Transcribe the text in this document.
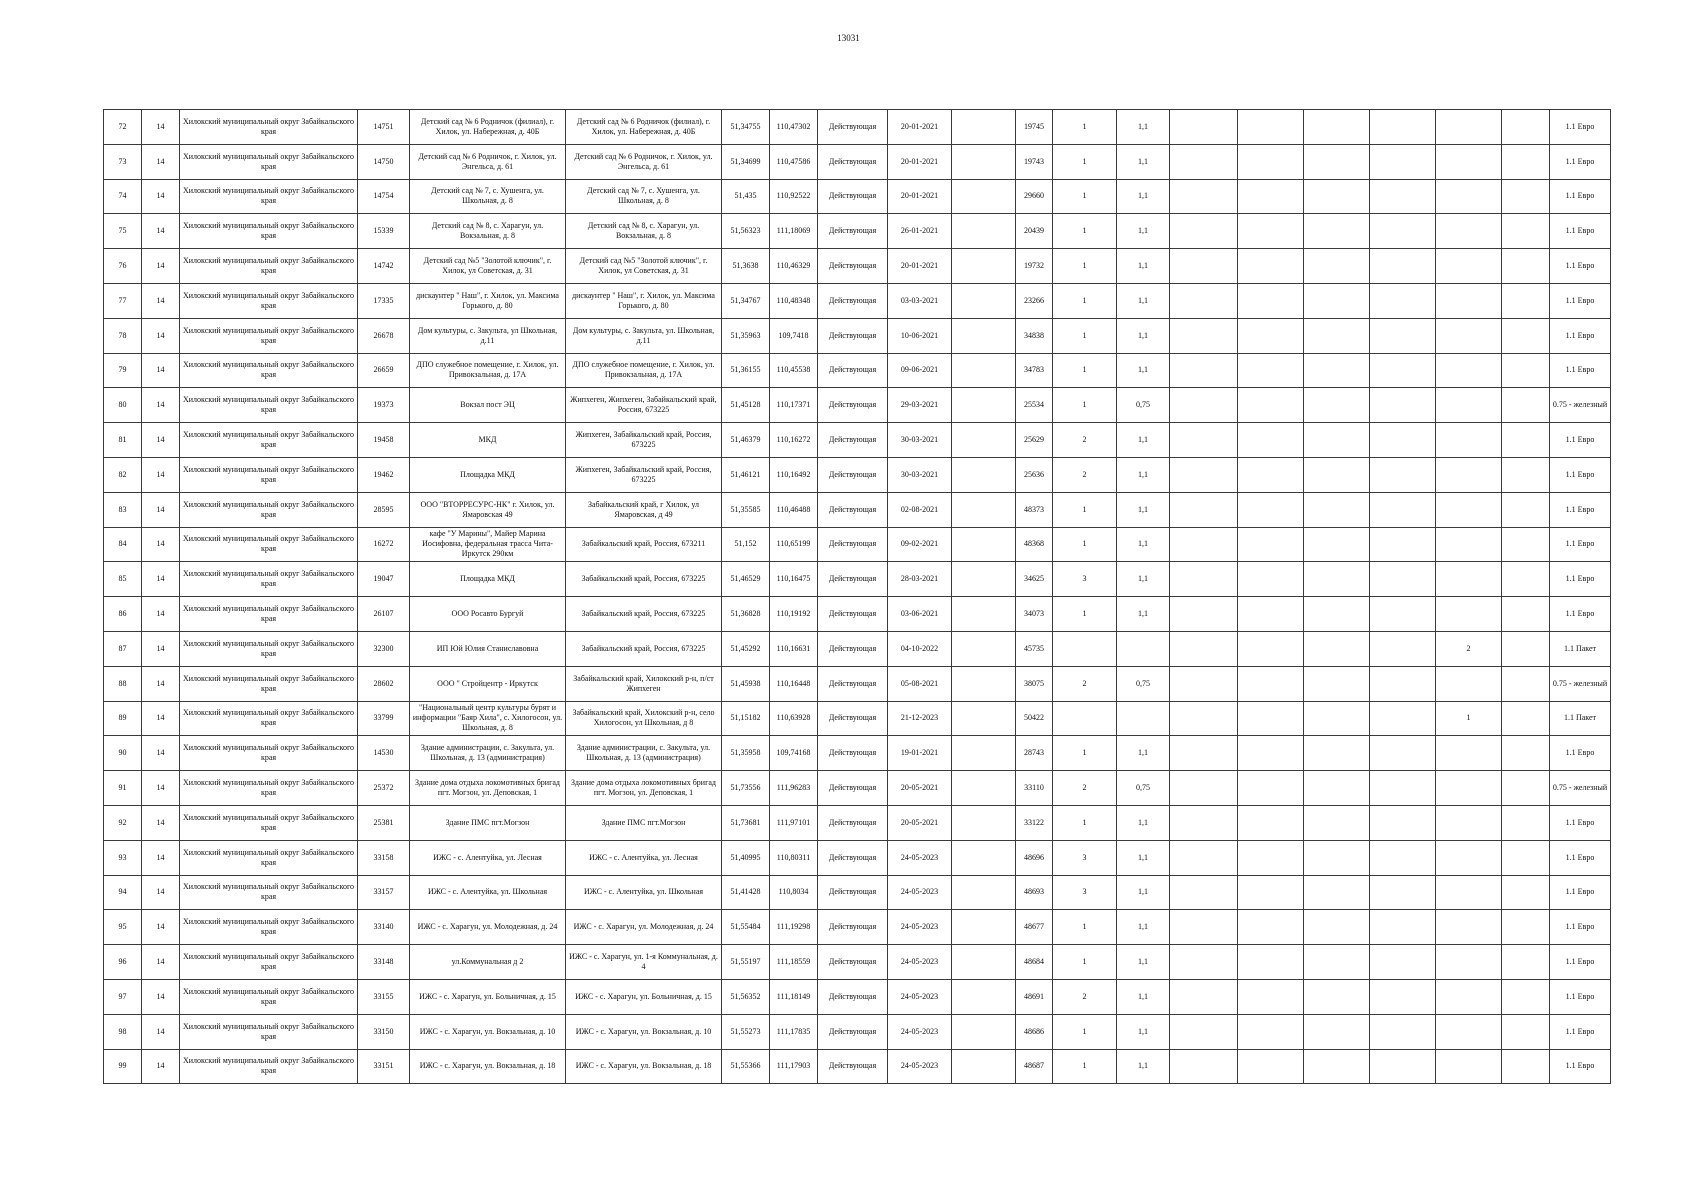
13031
72	14	Хилокский муниципальный округ Забайкальского края	14751	Детский сад № 6 Родничок (филиал), г. Хилок, ул. Набережная, д. 40Б	Детский сад № 6 Родничок (филиал), г. Хилок, ул. Набережная, д. 40Б	51,34755	110,47302	Действующая	20-01-2021		19745	1	1,1							1.1 Евро
73	14	Хилокский муниципальный округ Забайкальского края	14750	Детский сад № 6 Родничок, г. Хилок, ул. Энгельса, д. 61	Детский сад № 6 Родничок, г. Хилок, ул. Энгельса, д. 61	51,34699	110,47586	Действующая	20-01-2021		19743	1	1,1							1.1 Евро
74	14	Хилокский муниципальный округ Забайкальского края	14754	Детский сад № 7, с. Хушенга, ул. Школьная, д. 8	Детский сад № 7, с. Хушенга, ул. Школьная, д. 8	51,435	110,92522	Действующая	20-01-2021		29660	1	1,1							1.1 Евро
75	14	Хилокский муниципальный округ Забайкальского края	15339	Детский сад № 8, с. Харагун, ул. Вокзальная, д. 8	Детский сад № 8, с. Харагун, ул. Вокзальная, д. 8	51,56323	111,18069	Действующая	26-01-2021		20439	1	1,1							1.1 Евро
76	14	Хилокский муниципальный округ Забайкальского края	14742	Детский сад №5 "Золотой ключик", г. Хилок, ул Советская, д. 31	Детский сад №5 "Золотой ключик", г. Хилок, ул Советская, д. 31	51,3638	110,46329	Действующая	20-01-2021		19732	1	1,1							1.1 Евро
77	14	Хилокский муниципальный округ Забайкальского края	17335	дискаунтер " Наш", г. Хилок, ул. Максима Горького, д. 80	дискаунтер " Наш", г. Хилок, ул. Максима Горького, д. 80	51,34767	110,48348	Действующая	03-03-2021		23266	1	1,1							1.1 Евро
78	14	Хилокский муниципальный округ Забайкальского края	26678	Дом культуры, с. Закульта, ул Школьная, д.11	Дом культуры, с. Закульта, ул. Школьная, д.11	51,35963	109,7418	Действующая	10-06-2021		34838	1	1,1							1.1 Евро
79	14	Хилокский муниципальный округ Забайкальского края	26659	ДПО служебное помещение, г. Хилок, ул. Привокзальная, д. 17А	ДПО служебное помещение, г. Хилок, ул. Привокзальная, д. 17А	51,36155	110,45538	Действующая	09-06-2021		34783	1	1,1							1.1 Евро
80	14	Хилокский муниципальный округ Забайкальского края	19373	Вокзал пост ЭЦ	Жипхеген, Жипхеген, Забайкальский край, Россия, 673225	51,45128	110,17371	Действующая	29-03-2021		25534	1	0,75							0.75 - железный
81	14	Хилокский муниципальный округ Забайкальского края	19458	МКД	Жипхеген, Забайкальский край, Россия, 673225	51,46379	110,16272	Действующая	30-03-2021		25629	2	1,1							1.1 Евро
82	14	Хилокский муниципальный округ Забайкальского края	19462	Площадка МКД	Жипхеген, Забайкальский край, Россия, 673225	51,46121	110,16492	Действующая	30-03-2021		25636	2	1,1							1.1 Евро
83	14	Хилокский муниципальный округ Забайкальского края	28595	ООО "ВТОРРЕСУРС-НК" г. Хилок, ул. Ямаровская 49	Забайкальский край, г Хилок, ул Ямаровская, д 49	51,35585	110,46488	Действующая	02-08-2021		48373	1	1,1							1.1 Евро
84	14	Хилокский муниципальный округ Забайкальского края	16272	кафе "У Марины", Майер Марина Иосифовна, федеральная трасса Чита-Иркутск 290км	Забайкальский край, Россия, 673211	51,152	110,65199	Действующая	09-02-2021		48368	1	1,1							1.1 Евро
85	14	Хилокский муниципальный округ Забайкальского края	19047	Площадка МКД	Забайкальский край, Россия, 673225	51,46529	110,16475	Действующая	28-03-2021		34625	3	1,1							1.1 Евро
86	14	Хилокский муниципальный округ Забайкальского края	26107	ООО Росавто Бургуй	Забайкальский край, Россия, 673225	51,36828	110,19192	Действующая	03-06-2021		34073	1	1,1							1.1 Евро
87	14	Хилокский муниципальный округ Забайкальского края	32300	ИП Юй Юлия Станиславовна	Забайкальский край, Россия, 673225	51,45292	110,16631	Действующая	04-10-2022		45735							2		1.1 Пакет
88	14	Хилокский муниципальный округ Забайкальского края	28602	ООО " Стройцентр - Иркутск	Забайкальский край, Хилокский р-н, п/ст Жипхеген	51,45938	110,16448	Действующая	05-08-2021		38075	2	0,75							0.75 - железный
89	14	Хилокский муниципальный округ Забайкальского края	33799	"Национальный центр культуры бурят и информации "Баяр Хила", с. Хилогосон, ул. Школьная, д. 8	Забайкальский край, Хилокский р-н, село Хилогосон, ул Школьная, д 8	51,15182	110,63928	Действующая	21-12-2023		50422							1		1.1 Пакет
90	14	Хилокский муниципальный округ Забайкальского края	14530	Здание администрации, с. Закульта, ул. Школьная, д. 13 (администрация)	Здание администрации, с. Закульта, ул. Школьная, д. 13 (администрация)	51,35958	109,74168	Действующая	19-01-2021		28743	1	1,1							1.1 Евро
91	14	Хилокский муниципальный округ Забайкальского края	25372	Здание дома отдыха локомотивных бригад пгт. Могзон, ул. Деповская, 1	Здание дома отдыха локомотивных бригад пгт. Могзон, ул. Деповская, 1	51,73556	111,96283	Действующая	20-05-2021		33110	2	0,75							0.75 - железный
92	14	Хилокский муниципальный округ Забайкальского края	25381	Здание ПМС пгт.Могзон	Здание ПМС пгт.Могзон	51,73681	111,97101	Действующая	20-05-2021		33122	1	1,1							1.1 Евро
93	14	Хилокский муниципальный округ Забайкальского края	33158	ИЖС - с. Алентуйка, ул. Лесная	ИЖС - с. Алентуйка, ул. Лесная	51,40995	110,80311	Действующая	24-05-2023		48696	3	1,1							1.1 Евро
94	14	Хилокский муниципальный округ Забайкальского края	33157	ИЖС - с. Алентуйка, ул. Школьная	ИЖС - с. Алентуйка, ул. Школьная	51,41428	110,8034	Действующая	24-05-2023		48693	3	1,1							1.1 Евро
95	14	Хилокский муниципальный округ Забайкальского края	33140	ИЖС - с. Харагун, ул. Молодежная, д. 24	ИЖС - с. Харагун, ул. Молодежная, д. 24	51,55484	111,19298	Действующая	24-05-2023		48677	1	1,1							1.1 Евро
96	14	Хилокский муниципальный округ Забайкальского края	33148	ул.Коммунальная д 2	ИЖС - с. Харагун, ул. 1-я Коммунальная, д. 4	51,55197	111,18559	Действующая	24-05-2023		48684	1	1,1							1.1 Евро
97	14	Хилокский муниципальный округ Забайкальского края	33155	ИЖС - с. Харагун, ул. Больничная, д. 15	ИЖС - с. Харагун, ул. Больничная, д. 15	51,56352	111,18149	Действующая	24-05-2023		48691	2	1,1							1.1 Евро
98	14	Хилокский муниципальный округ Забайкальского края	33150	ИЖС - с. Харагун, ул. Вокзальная, д. 10	ИЖС - с. Харагун, ул. Вокзальная, д. 10	51,55273	111,17835	Действующая	24-05-2023		48686	1	1,1							1.1 Евро
99	14	Хилокский муниципальный округ Забайкальского края	33151	ИЖС - с. Харагун, ул. Вокзальная, д. 18	ИЖС - с. Харагун, ул. Вокзальная, д. 18	51,55366	111,17903	Действующая	24-05-2023		48687	1	1,1							1.1 Евро
